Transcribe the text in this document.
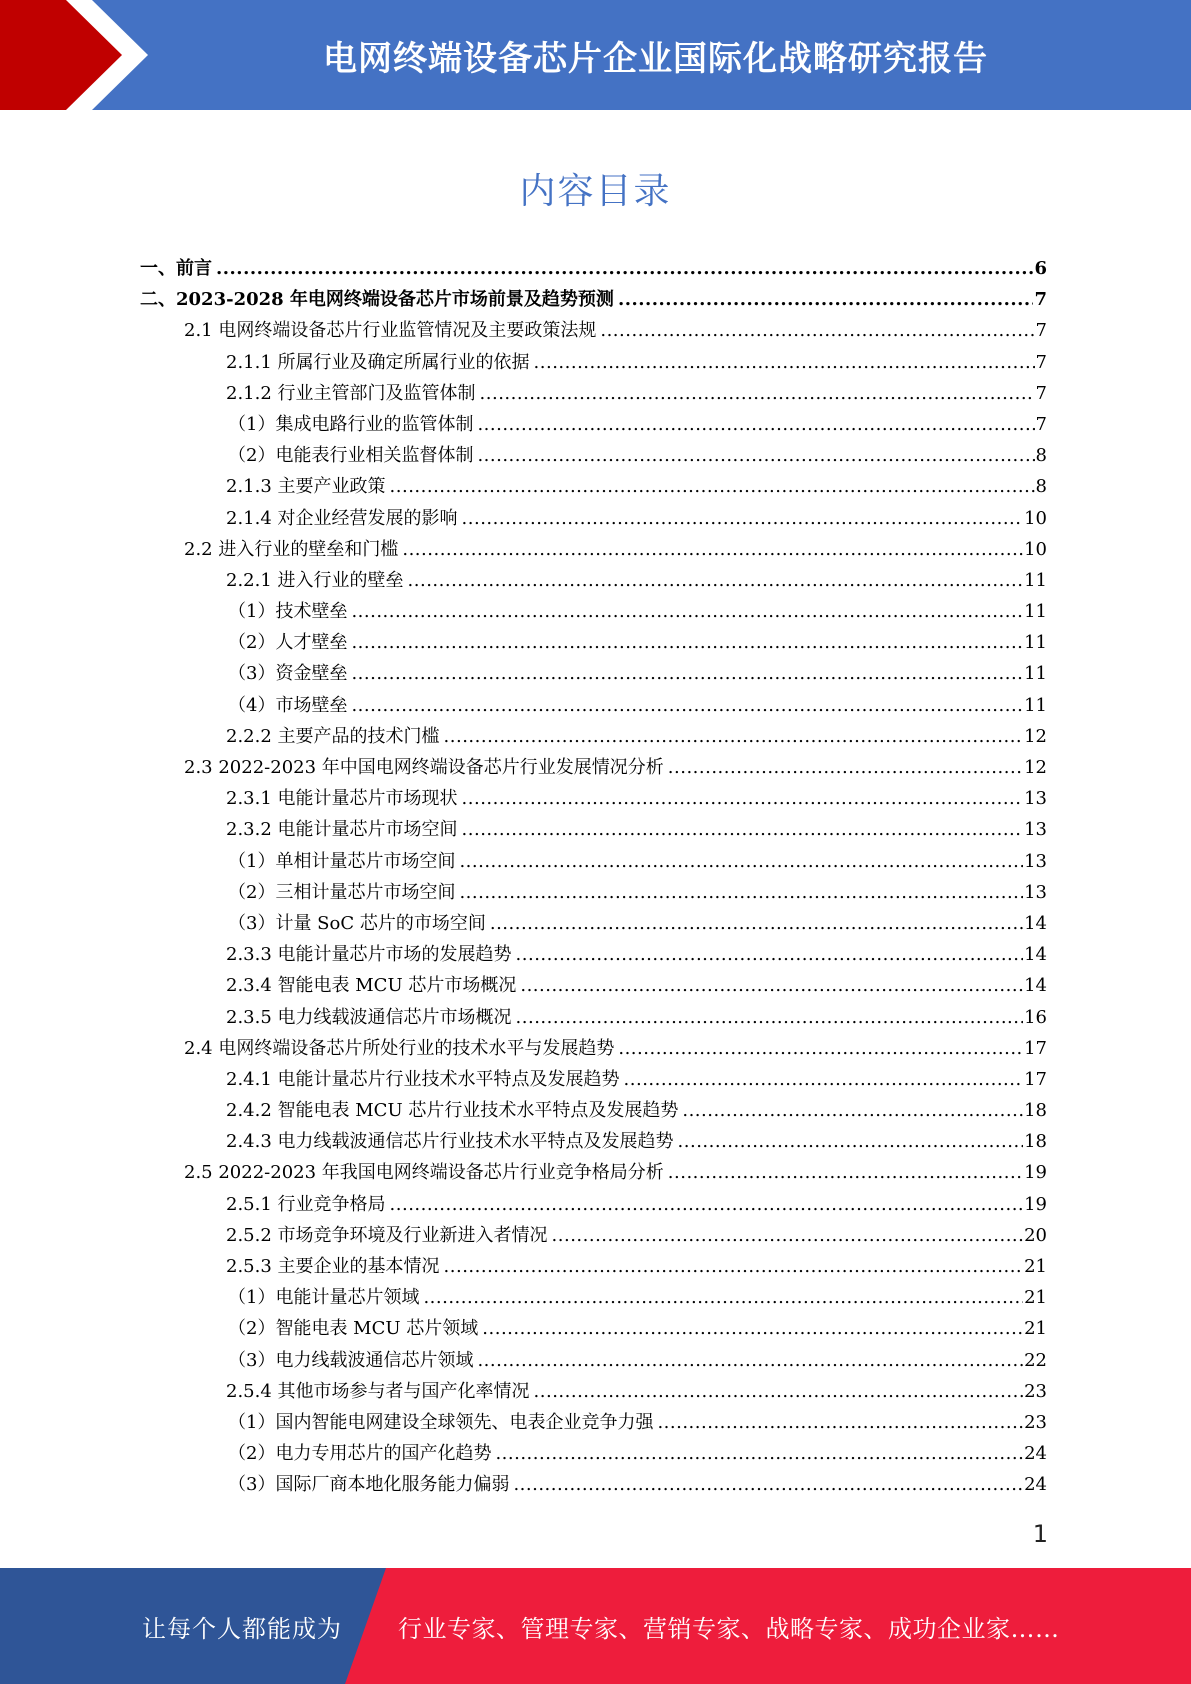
电网终端设备芯片企业国际化战略研究报告
内容目录
一、前言 .....	6
二、2023-2028 年电网终端设备芯片市场前景及趋势预测 .....	7
2.1 电网终端设备芯片行业监管情况及主要政策法规 .....	7
2.1.1 所属行业及确定所属行业的依据 .....	7
2.1.2 行业主管部门及监管体制 .....	7
（1）集成电路行业的监管体制 .....	7
（2）电能表行业相关监督体制 .....	8
2.1.3 主要产业政策 .....	8
2.1.4 对企业经营发展的影响 .....	10
2.2 进入行业的壁垒和门槛 .....	10
2.2.1 进入行业的壁垒 .....	11
（1）技术壁垒 .....	11
（2）人才壁垒 .....	11
（3）资金壁垒 .....	11
（4）市场壁垒 .....	11
2.2.2 主要产品的技术门槛 .....	12
2.3 2022-2023 年中国电网终端设备芯片行业发展情况分析 .....	12
2.3.1 电能计量芯片市场现状 .....	13
2.3.2 电能计量芯片市场空间 .....	13
（1）单相计量芯片市场空间 .....	13
（2）三相计量芯片市场空间 .....	13
（3）计量 SoC 芯片的市场空间 .....	14
2.3.3 电能计量芯片市场的发展趋势 .....	14
2.3.4 智能电表 MCU 芯片市场概况 .....	14
2.3.5 电力线载波通信芯片市场概况 .....	16
2.4 电网终端设备芯片所处行业的技术水平与发展趋势 .....	17
2.4.1 电能计量芯片行业技术水平特点及发展趋势 .....	17
2.4.2 智能电表 MCU 芯片行业技术水平特点及发展趋势 .....	18
2.4.3 电力线载波通信芯片行业技术水平特点及发展趋势 .....	18
2.5 2022-2023 年我国电网终端设备芯片行业竞争格局分析 .....	19
2.5.1 行业竞争格局 .....	19
2.5.2 市场竞争环境及行业新进入者情况 .....	20
2.5.3 主要企业的基本情况 .....	21
（1）电能计量芯片领域 .....	21
（2）智能电表 MCU 芯片领域 .....	21
（3）电力线载波通信芯片领域 .....	22
2.5.4 其他市场参与者与国产化率情况 .....	23
（1）国内智能电网建设全球领先、电表企业竞争力强 .....	23
（2）电力专用芯片的国产化趋势 .....	24
（3）国际厂商本地化服务能力偏弱 .....	24
1
让每个人都能成为 行业专家、管理专家、营销专家、战略专家、成功企业家……
